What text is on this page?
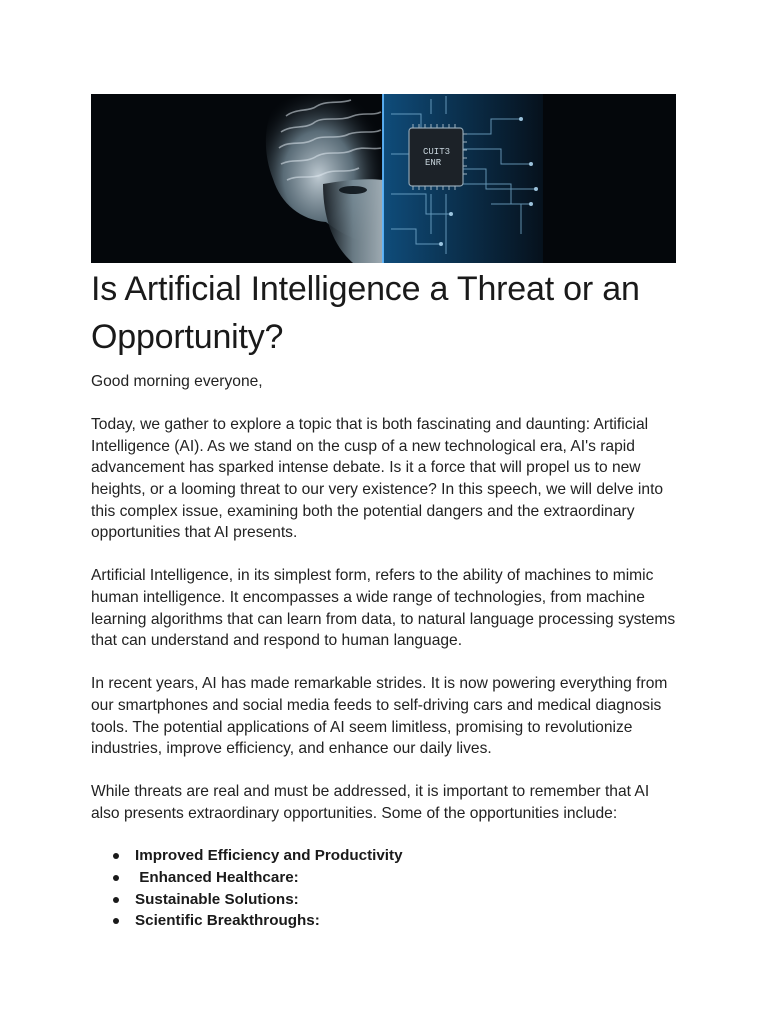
CUIT3
ENR
Is Artificial Intelligence a Threat or an Opportunity?

Good morning everyone,

Today, we gather to explore a topic that is both fascinating and daunting: Artificial Intelligence (AI). As we stand on the cusp of a new technological era, AI's rapid advancement has sparked intense debate. Is it a force that will propel us to new heights, or a looming threat to our very existence? In this speech, we will delve into this complex issue, examining both the potential dangers and the extraordinary opportunities that AI presents.

Artificial Intelligence, in its simplest form, refers to the ability of machines to mimic human intelligence. It encompasses a wide range of technologies, from machine learning algorithms that can learn from data, to natural language processing systems that can understand and respond to human language.

In recent years, AI has made remarkable strides. It is now powering everything from our smartphones and social media feeds to self-driving cars and medical diagnosis tools. The potential applications of AI seem limitless, promising to revolutionize industries, improve efficiency, and enhance our daily lives.

While threats are real and must be addressed, it is important to remember that AI also presents extraordinary opportunities. Some of the opportunities include:

Improved Efficiency and Productivity
Enhanced Healthcare:
Sustainable Solutions:
Scientific Breakthroughs:
